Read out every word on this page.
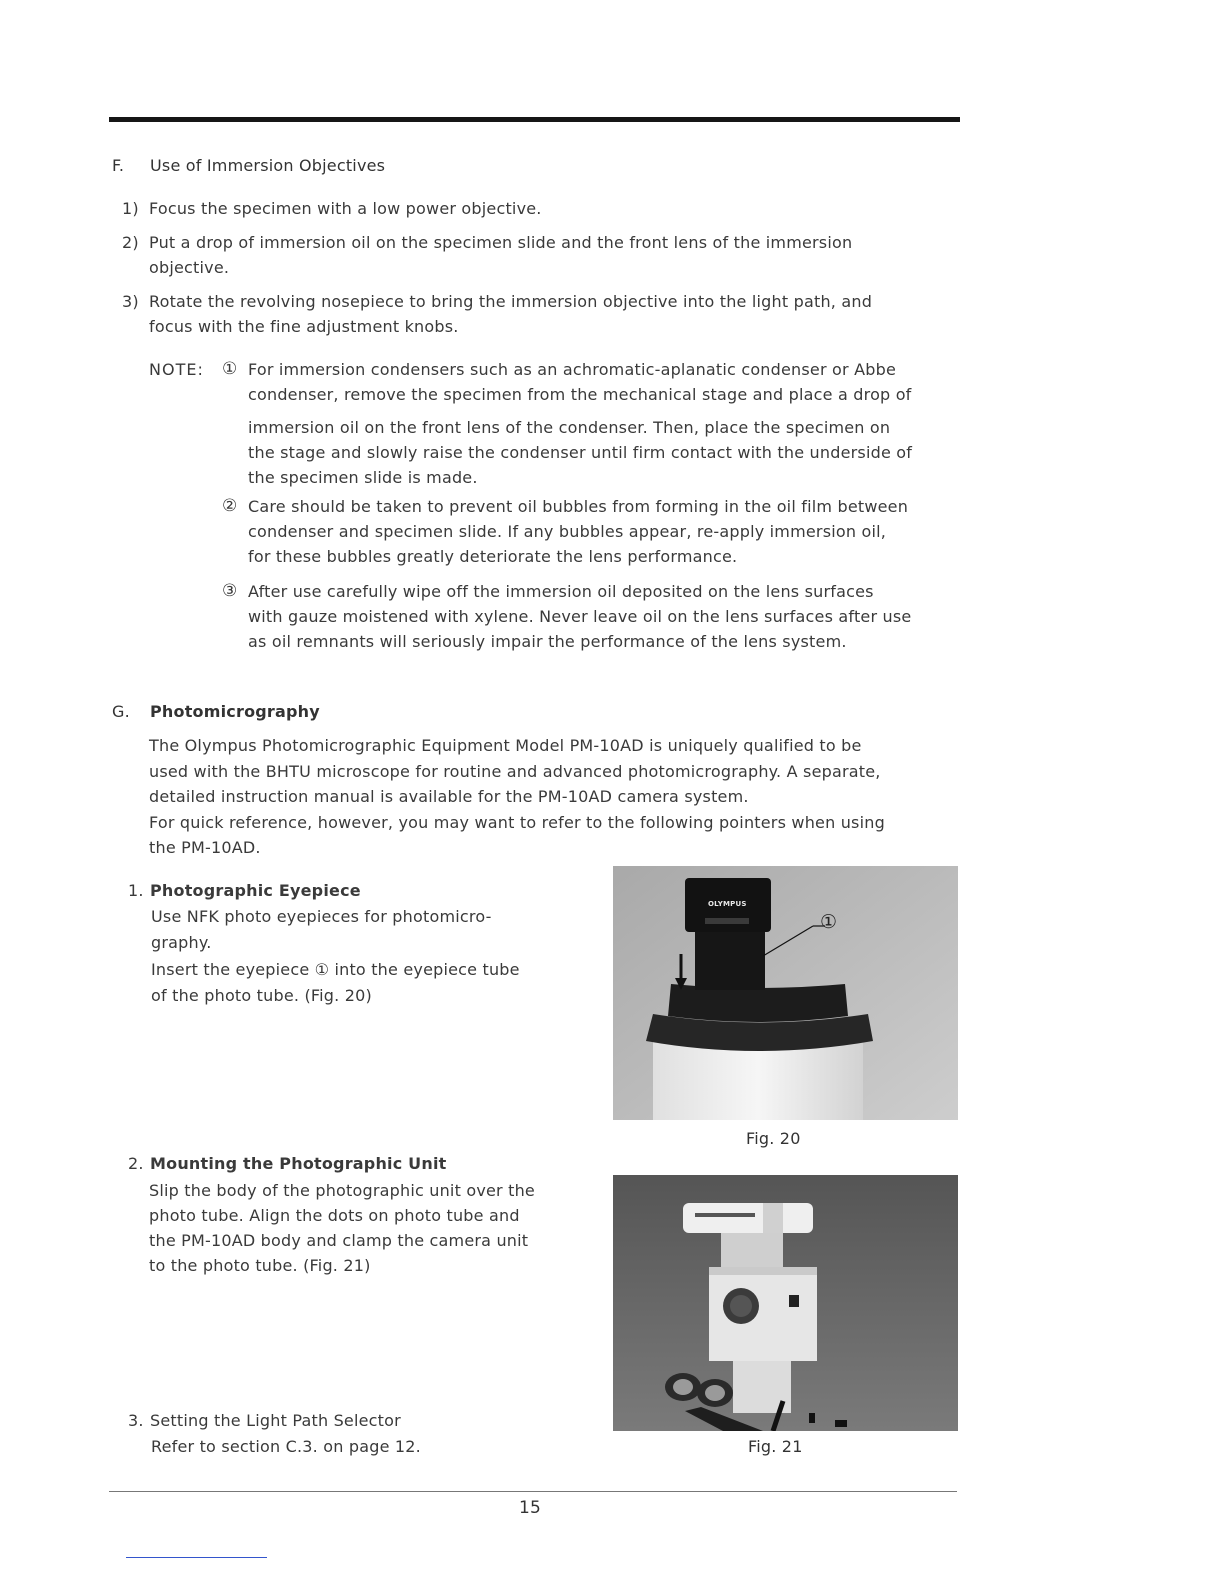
F. Use of Immersion Objectives
1) Focus the specimen with a low power objective.
2) Put a drop of immersion oil on the specimen slide and the front lens of the immersion
objective.
3) Rotate the revolving nosepiece to bring the immersion objective into the light path, and
focus with the fine adjustment knobs.
NOTE: ① For immersion condensers such as an achromatic-aplanatic condenser or Abbe
condenser, remove the specimen from the mechanical stage and place a drop of
immersion oil on the front lens of the condenser. Then, place the specimen on
the stage and slowly raise the condenser until firm contact with the underside of
the specimen slide is made.
② Care should be taken to prevent oil bubbles from forming in the oil film between
condenser and specimen slide. If any bubbles appear, re-apply immersion oil,
for these bubbles greatly deteriorate the lens performance.
③ After use carefully wipe off the immersion oil deposited on the lens surfaces
with gauze moistened with xylene. Never leave oil on the lens surfaces after use
as oil remnants will seriously impair the performance of the lens system.
G. Photomicrography
The Olympus Photomicrographic Equipment Model PM-10AD is uniquely qualified to be
used with the BHTU microscope for routine and advanced photomicrography. A separate,
detailed instruction manual is available for the PM-10AD camera system.
For quick reference, however, you may want to refer to the following pointers when using
the PM-10AD.
1. Photographic Eyepiece
Use NFK photo eyepieces for photomicro-
graphy.
Insert the eyepiece ① into the eyepiece tube
of the photo tube. (Fig. 20)
2. Mounting the Photographic Unit
Slip the body of the photographic unit over the
photo tube. Align the dots on photo tube and
the PM-10AD body and clamp the camera unit
to the photo tube. (Fig. 21)
3. Setting the Light Path Selector
Refer to section C.3. on page 12.
OLYMPUS
①
Fig. 20
Fig. 21
15
